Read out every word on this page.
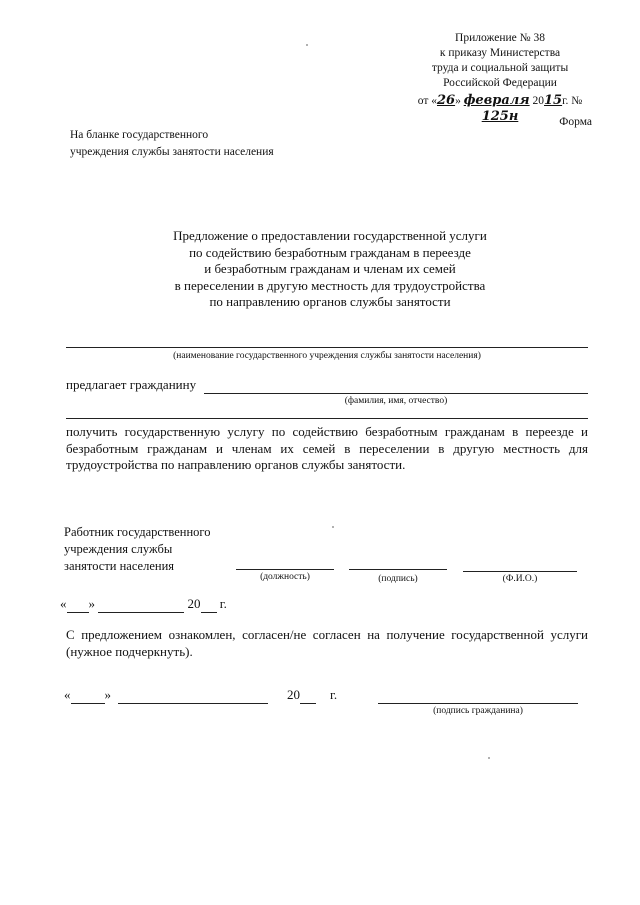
Приложение № 38
к приказу Министерства
труда и социальной защиты
Российской Федерации
от «26» февраля 2015г. № 125н	Форма
На бланке государственного
учреждения службы занятости населения
Предложение о предоставлении государственной услуги
по содействию безработным гражданам в переезде
и безработным гражданам и членам их семей
в переселении в другую местность для трудоустройства
по направлению органов службы занятости
(наименование государственного учреждения службы занятости населения)
предлагает гражданину
(фамилия, имя, отчество)
получить государственную услугу по содействию безработным гражданам в переезде и безработным гражданам и членам их семей в переселении в другую местность для трудоустройства по направлению органов службы занятости.
Работник государственного
учреждения службы
занятости населения
(должность)	(подпись)	(Ф.И.О.)
« »	20 г.
С предложением ознакомлен, согласен/не согласен на получение государственной услуги (нужное подчеркнуть).
«	»	20	г.
(подпись гражданина)
